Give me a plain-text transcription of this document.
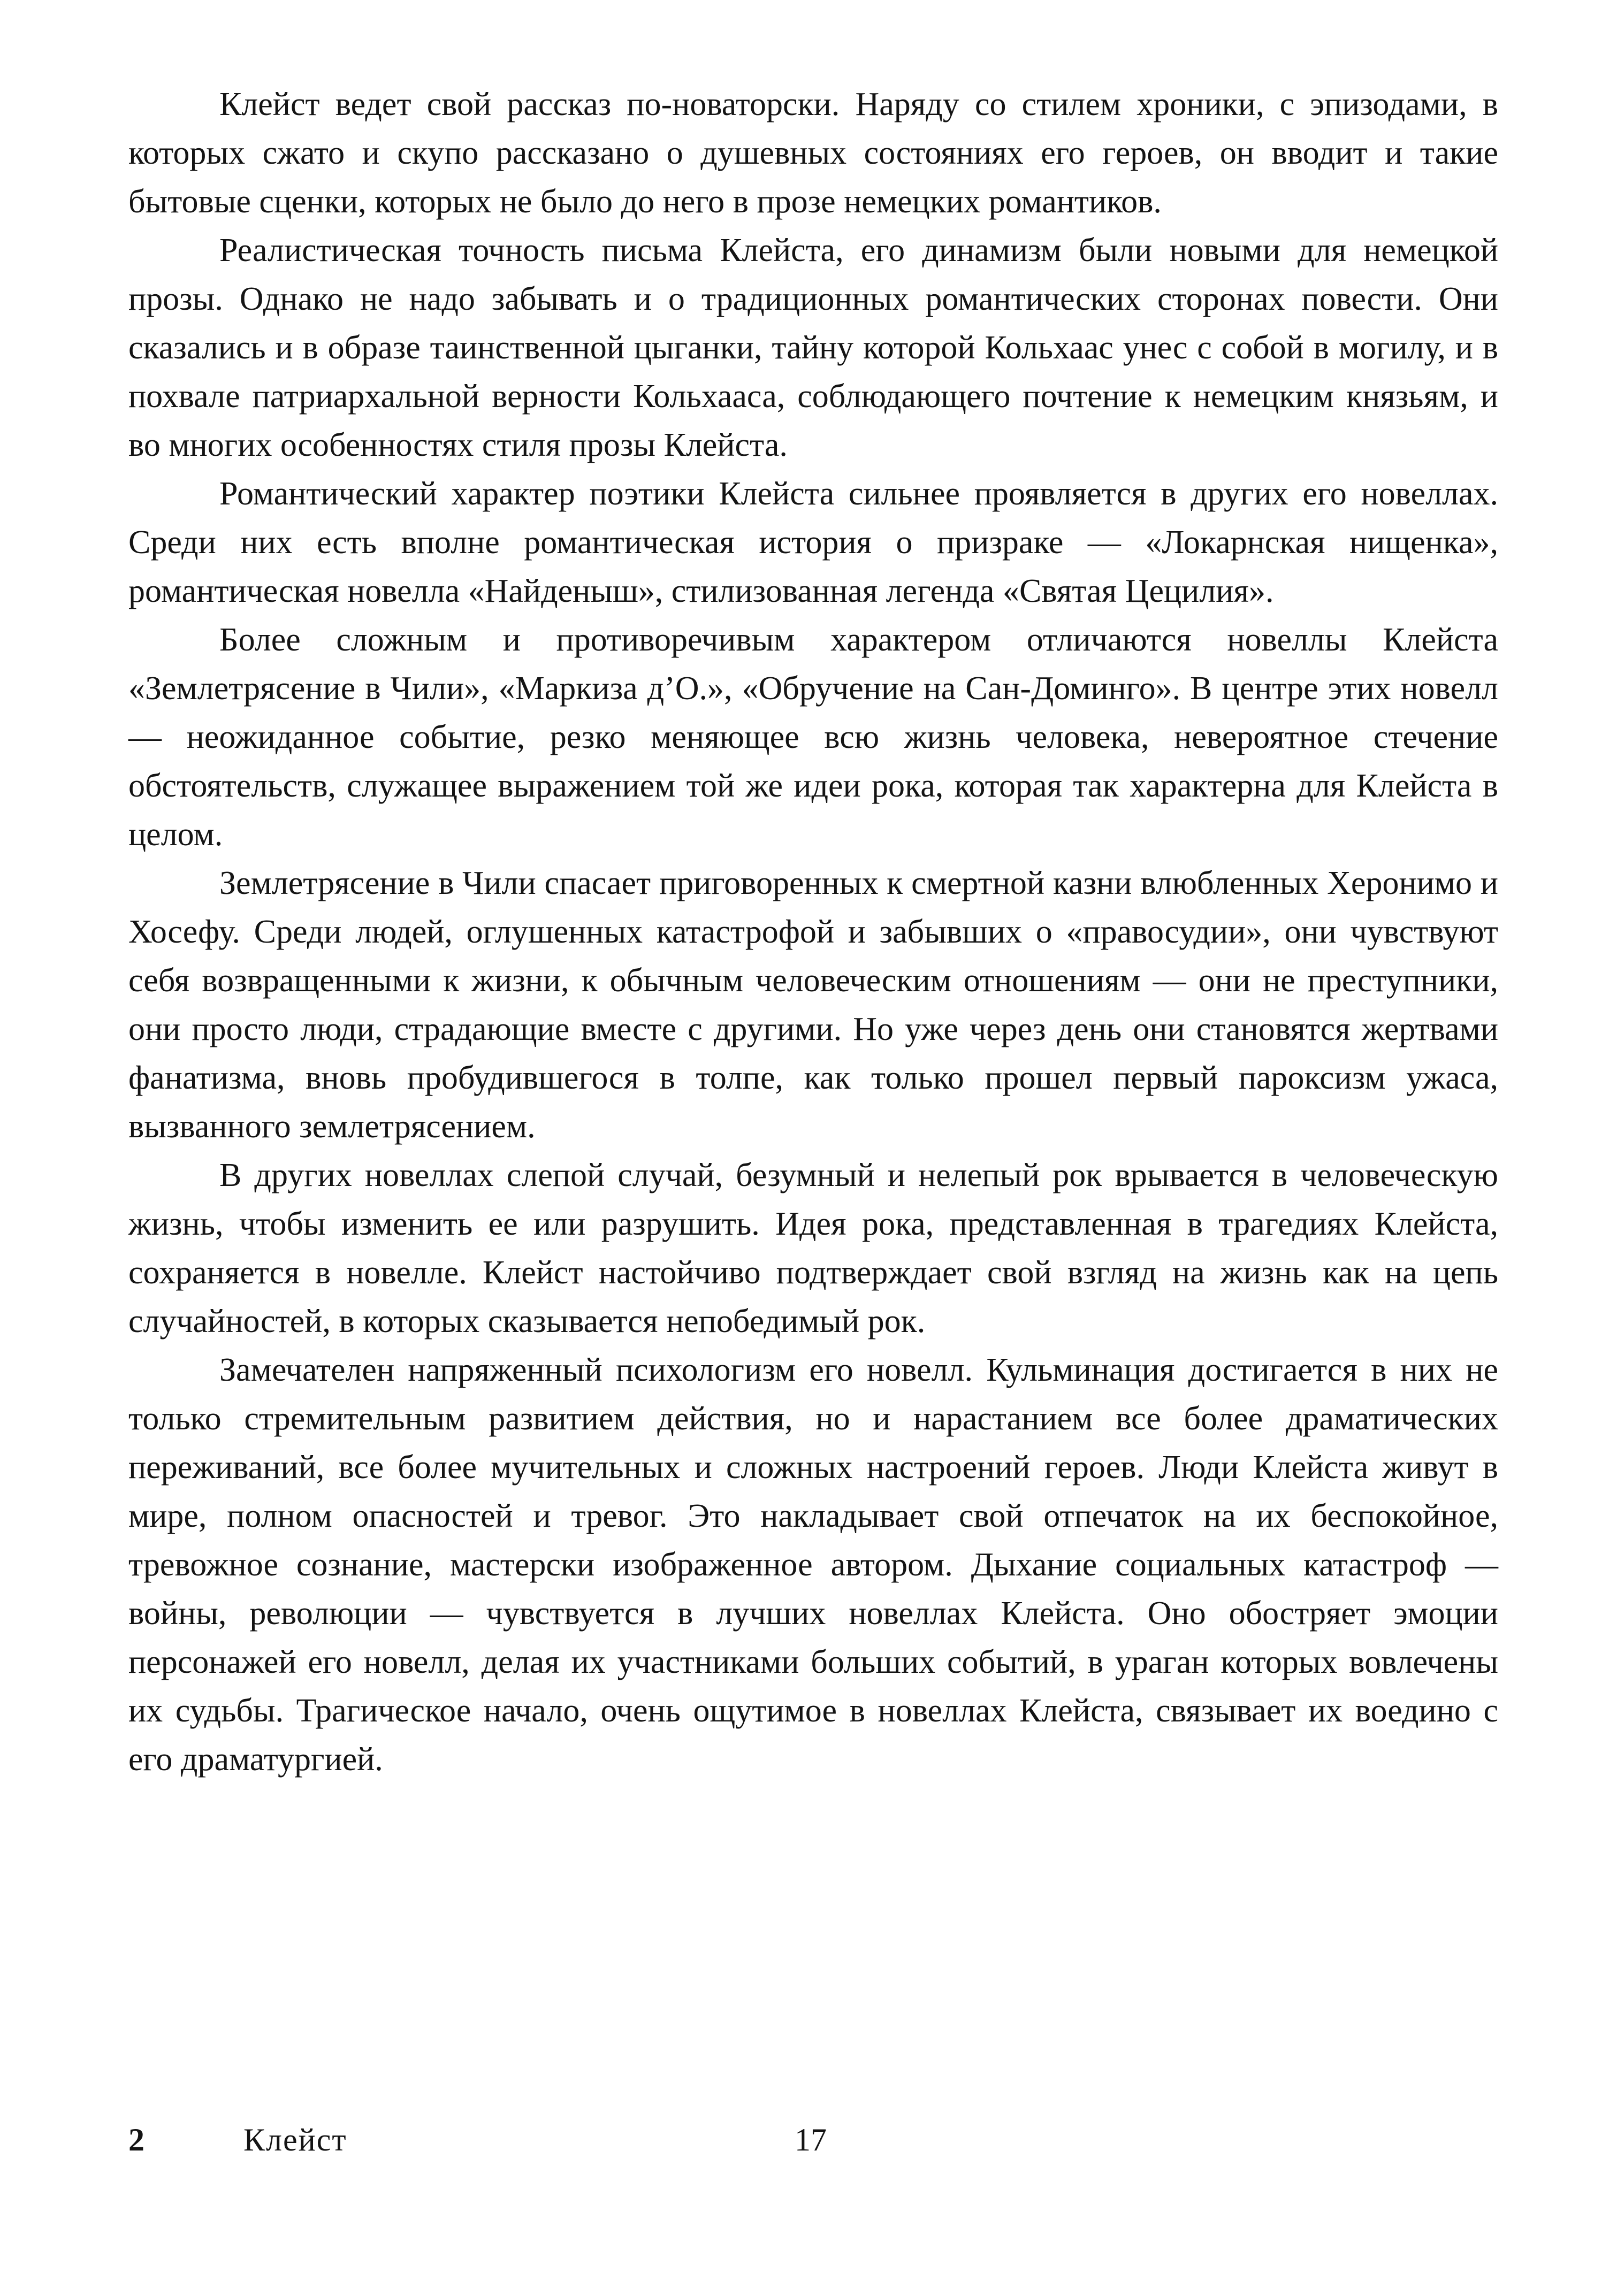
Клейст ведет свой рассказ по-новаторски. Наряду со стилем хроники, с эпизодами, в которых сжато и скупо рассказано о душевных состояниях его героев, он вводит и такие бытовые сценки, которых не было до него в прозе немецких романтиков.

Реалистическая точность письма Клейста, его динамизм были новыми для немецкой прозы. Однако не надо забывать и о традиционных романтических сторонах повести. Они сказались и в образе таинственной цыганки, тайну которой Кольхаас унес с собой в могилу, и в похвале патриархальной верности Кольхааса, соблюдающего почтение к немецким князьям, и во многих особенностях стиля прозы Клейста.

Романтический характер поэтики Клейста сильнее проявляется в других его новеллах. Среди них есть вполне романтическая история о призраке — «Локарнская нищенка», романтическая новелла «Найденыш», стилизованная легенда «Святая Цецилия».

Более сложным и противоречивым характером отличаются новеллы Клейста «Землетрясение в Чили», «Маркиза д’О.», «Обручение на Сан-Доминго». В центре этих новелл — неожиданное событие, резко меняющее всю жизнь человека, невероятное стечение обстоятельств, служащее выражением той же идеи рока, которая так характерна для Клейста в целом.

Землетрясение в Чили спасает приговоренных к смертной казни влюбленных Херонимо и Хосефу. Среди людей, оглушенных катастрофой и забывших о «правосудии», они чувствуют себя возвращенными к жизни, к обычным человеческим отношениям — они не преступники, они просто люди, страдающие вместе с другими. Но уже через день они становятся жертвами фанатизма, вновь пробудившегося в толпе, как только прошел первый пароксизм ужаса, вызванного землетрясением.

В других новеллах слепой случай, безумный и нелепый рок врывается в человеческую жизнь, чтобы изменить ее или разрушить. Идея рока, представленная в трагедиях Клейста, сохраняется в новелле. Клейст настойчиво подтверждает свой взгляд на жизнь как на цепь случайностей, в которых сказывается непобедимый рок.

Замечателен напряженный психологизм его новелл. Кульминация достигается в них не только стремительным развитием действия, но и нарастанием все более драматических переживаний, все более мучительных и сложных настроений героев. Люди Клейста живут в мире, полном опасностей и тревог. Это накладывает свой отпечаток на их беспокойное, тревожное сознание, мастерски изображенное автором. Дыхание социальных катастроф — войны, революции — чувствуется в лучших новеллах Клейста. Оно обостряет эмоции персонажей его новелл, делая их участниками больших событий, в ураган которых вовлечены их судьбы. Трагическое начало, очень ощутимое в новеллах Клейста, связывает их воедино с его драматургией.

2	Клейст	17
